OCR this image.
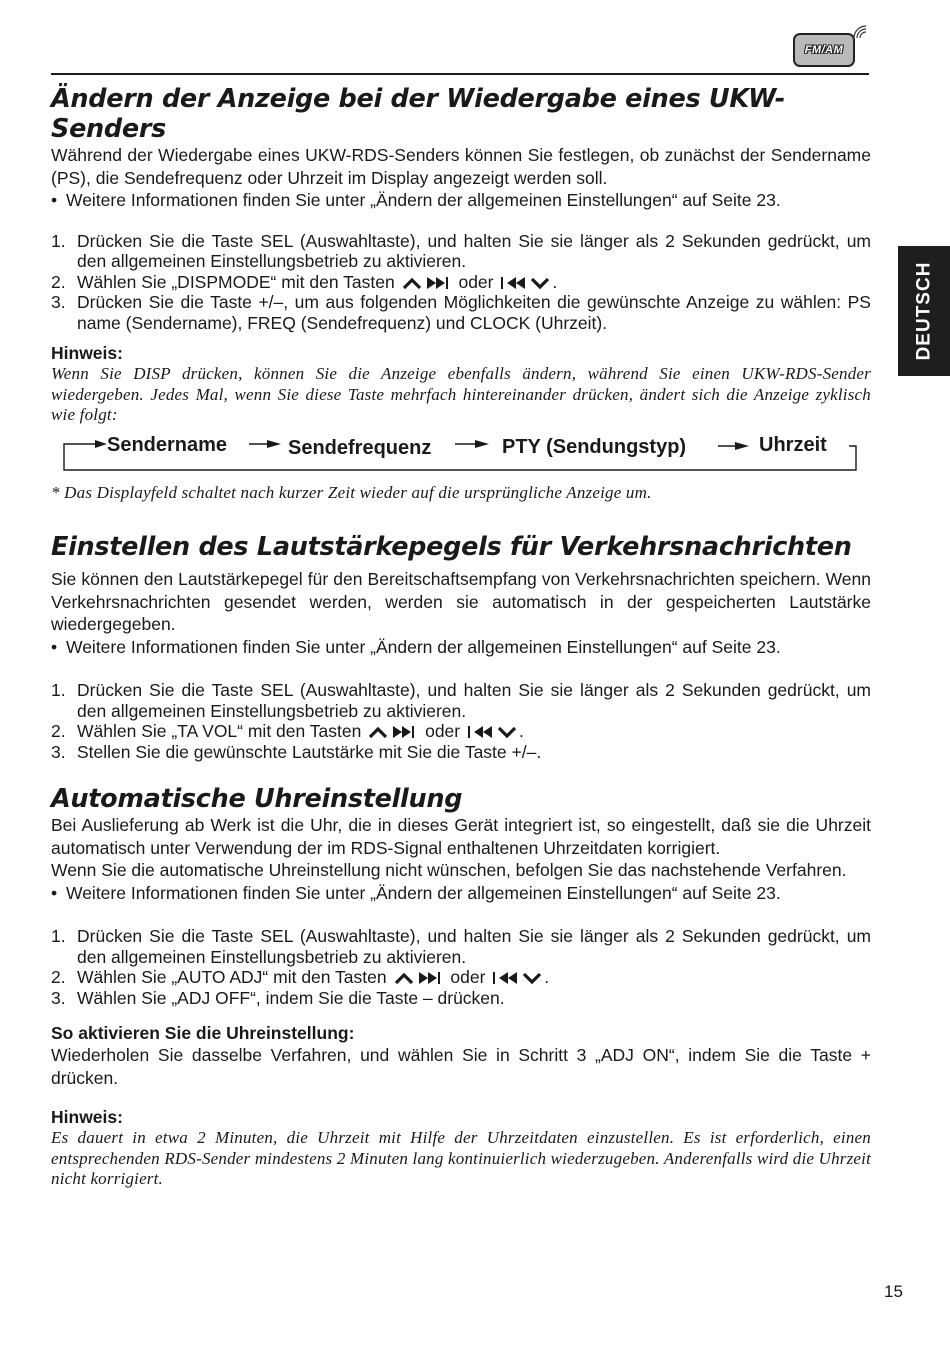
FM/AM
DEUTSCH
Ändern der Anzeige bei der Wiedergabe eines UKW-Senders

Während der Wiedergabe eines UKW-RDS-Senders können Sie festlegen, ob zunächst der Sendername (PS), die Sendefrequenz oder Uhrzeit im Display angezeigt werden soll.

• Weitere Informationen finden Sie unter „Ändern der allgemeinen Einstellungen“ auf Seite 23.
1. Drücken Sie die Taste SEL (Auswahltaste), und halten Sie sie länger als 2 Sekunden gedrückt, um den allgemeinen Einstellungsbetrieb zu aktivieren.
2. Wählen Sie „DISPMODE“ mit den Tasten	oder	.
3. Drücken Sie die Taste +/–, um aus folgenden Möglichkeiten die gewünschte Anzeige zu wählen: PS name (Sendername), FREQ (Sendefrequenz) und CLOCK (Uhrzeit).
Hinweis:
Wenn Sie DISP drücken, können Sie die Anzeige ebenfalls ändern, während Sie einen UKW-RDS-Sender wiedergeben. Jedes Mal, wenn Sie diese Taste mehrfach hintereinander drücken, ändert sich die Anzeige zyklisch wie folgt:
Sendername	Sendefrequenz	PTY (Sendungstyp)	Uhrzeit
* Das Displayfeld schaltet nach kurzer Zeit wieder auf die ursprüngliche Anzeige um.
Einstellen des Lautstärkepegels für Verkehrsnachrichten

Sie können den Lautstärkepegel für den Bereitschaftsempfang von Verkehrsnachrichten speichern. Wenn Verkehrsnachrichten gesendet werden, werden sie automatisch in der gespeicherten Lautstärke wiedergegeben.

• Weitere Informationen finden Sie unter „Ändern der allgemeinen Einstellungen“ auf Seite 23.
1. Drücken Sie die Taste SEL (Auswahltaste), und halten Sie sie länger als 2 Sekunden gedrückt, um den allgemeinen Einstellungsbetrieb zu aktivieren.
2. Wählen Sie „TA VOL“ mit den Tasten	oder	.
3. Stellen Sie die gewünschte Lautstärke mit Sie die Taste +/–.
Automatische Uhreinstellung

Bei Auslieferung ab Werk ist die Uhr, die in dieses Gerät integriert ist, so eingestellt, daß sie die Uhrzeit automatisch unter Verwendung der im RDS-Signal enthaltenen Uhrzeitdaten korrigiert.

Wenn Sie die automatische Uhreinstellung nicht wünschen, befolgen Sie das nachstehende Verfahren.

• Weitere Informationen finden Sie unter „Ändern der allgemeinen Einstellungen“ auf Seite 23.
1. Drücken Sie die Taste SEL (Auswahltaste), und halten Sie sie länger als 2 Sekunden gedrückt, um den allgemeinen Einstellungsbetrieb zu aktivieren.
2. Wählen Sie „AUTO ADJ“ mit den Tasten	oder	.
3. Wählen Sie „ADJ OFF“, indem Sie die Taste – drücken.
So aktivieren Sie die Uhreinstellung:

Wiederholen Sie dasselbe Verfahren, und wählen Sie in Schritt 3 „ADJ ON“, indem Sie die Taste + drücken.

Hinweis:
Es dauert in etwa 2 Minuten, die Uhrzeit mit Hilfe der Uhrzeitdaten einzustellen. Es ist erforderlich, einen entsprechenden RDS-Sender mindestens 2 Minuten lang kontinuierlich wiederzugeben. Anderenfalls wird die Uhrzeit nicht korrigiert.
15
